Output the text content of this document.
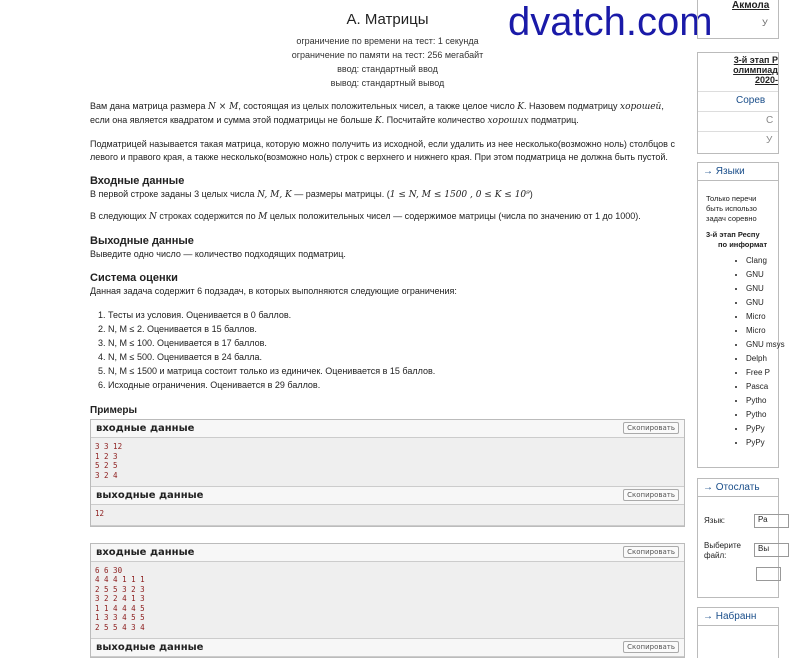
dvatch.com
A. Матрицы
ограничение по времени на тест: 1 секунда
ограничение по памяти на тест: 256 мегабайт
ввод: стандартный ввод
вывод: стандартный вывод

Вам дана матрица размера N × M, состоящая из целых положительных чисел, а также целое число K. Назовем подматрицу хорошей, если она является квадратом и сумма этой подматрицы не больше K. Посчитайте количество хороших подматриц.

Подматрицей называется такая матрица, которую можно получить из исходной, если удалить из нее несколько(возможно ноль) столбцов с левого и правого края, а также несколько(возможно ноль) строк с верхнего и нижнего края. При этом подматрица не должна быть пустой.

Входные данные

В первой строке заданы 3 целых числа N, M, K — размеры матрицы. (1 ≤ N, M ≤ 1500 , 0 ≤ K ≤ 10⁹)

В следующих N строках содержится по M целых положительных чисел — содержимое матрицы (числа по значению от 1 до 1000).

Выходные данные

Выведите одно число — количество подходящих подматриц.

Система оценки

Данная задача содержит 6 подзадач, в которых выполняются следующие ограничения:

1. Тесты из условия. Оценивается в 0 баллов.
2. N, M ≤ 2. Оценивается в 15 баллов.
3. N, M ≤ 100. Оценивается в 17 баллов.
4. N, M ≤ 500. Оценивается в 24 балла.
5. N, M ≤ 1500 и матрица состоит только из единичек. Оценивается в 15 баллов.
6. Исходные ограничения. Оценивается в 29 баллов.
Примеры
входные данные	Скопировать
3 3 12
1 2 3
5 2 5
3 2 4
выходные данные	Скопировать
12
входные данные	Скопировать
6 6 30
4 4 4 1 1 1
2 5 5 3 2 3
3 2 2 4 1 3
1 1 4 4 4 5
1 3 3 4 5 5
2 5 5 4 3 4
выходные данные	Скопировать
Акмола
У
3-й этап Р
олимпиад
2020-
Сорев
С
У
→ Языки
Только перечи
быть использо
задач соревно
3-й этап Респу
по информат
• Clang
• GNU
• GNU
• GNU
• Micro
• Micro
• GNU msys
• Delph
• Free P
• Pasca
• Pytho
• Pytho
• PyPy
• PyPy
→ Отослать
Язык:	Ра
Выберите
файл:
Вы
→ Набранн
